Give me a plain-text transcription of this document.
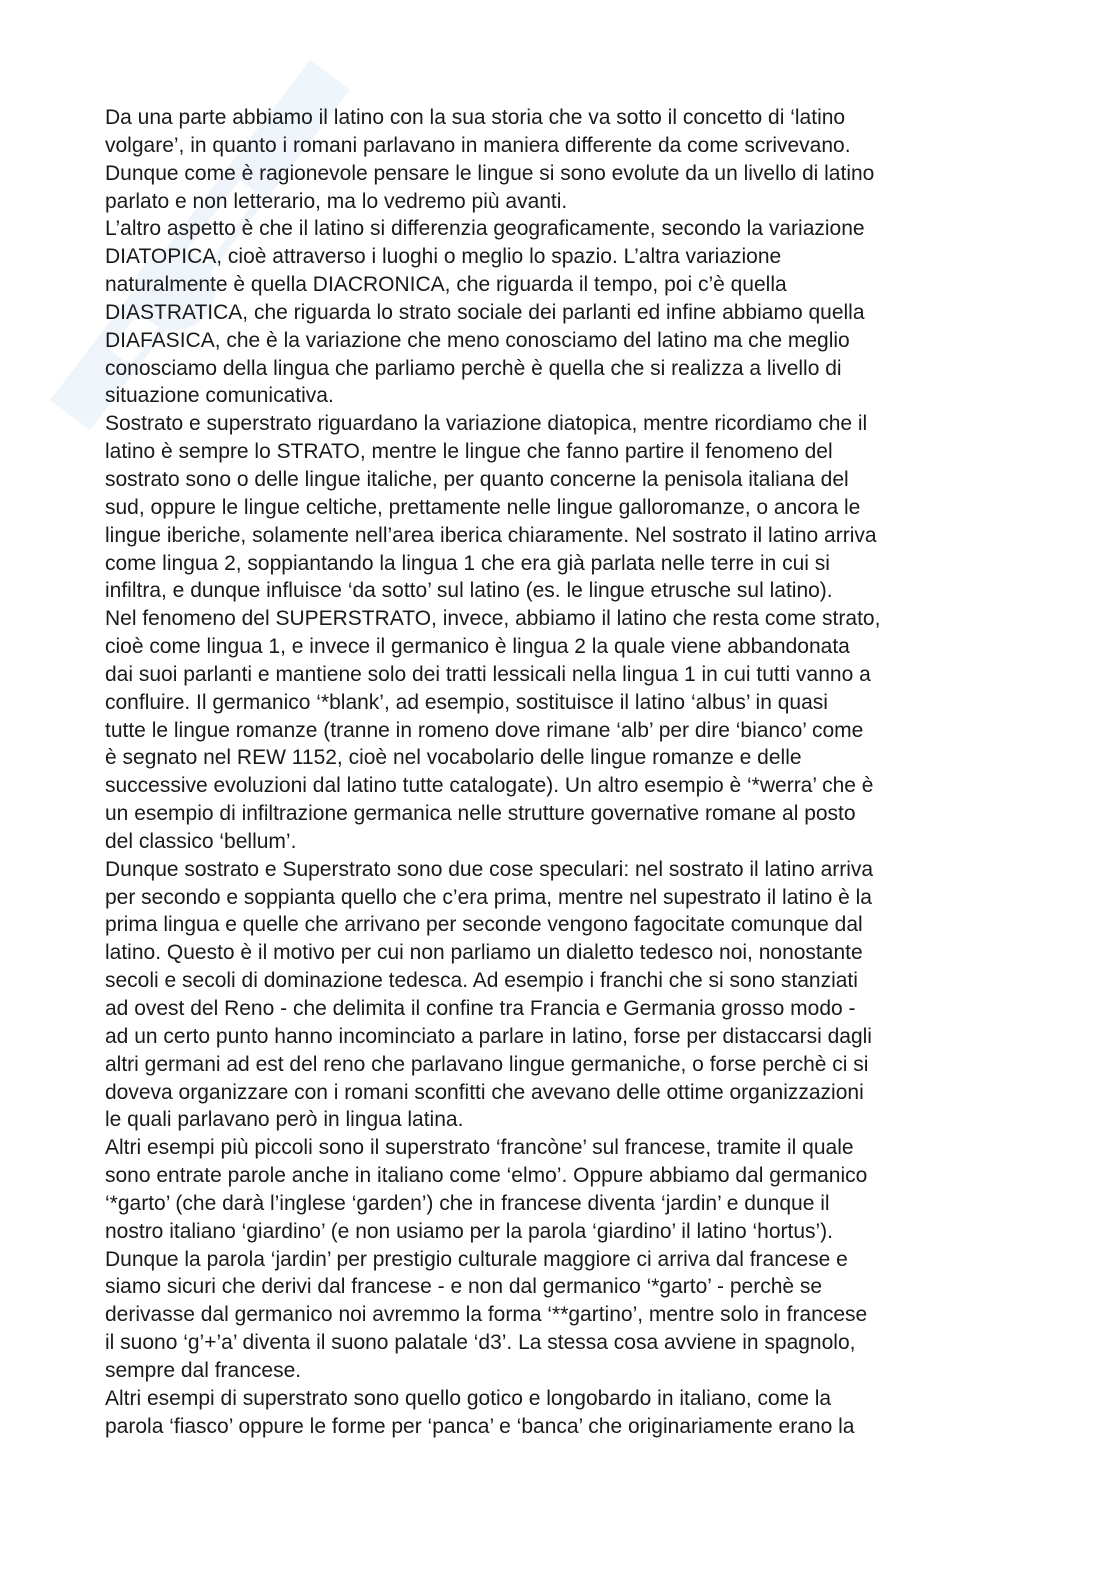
Da una parte abbiamo il latino con la sua storia che va sotto il concetto di ‘latino
volgare’, in quanto i romani parlavano in maniera differente da come scrivevano.
Dunque come è ragionevole pensare le lingue si sono evolute da un livello di latino
parlato e non letterario, ma lo vedremo più avanti.

L’altro aspetto è che il latino si differenzia geograficamente, secondo la variazione
DIATOPICA, cioè attraverso i luoghi o meglio lo spazio. L’altra variazione
naturalmente è quella DIACRONICA, che riguarda il tempo, poi c’è quella
DIASTRATICA, che riguarda lo strato sociale dei parlanti ed infine abbiamo quella
DIAFASICA, che è la variazione che meno conosciamo del latino ma che meglio
conosciamo della lingua che parliamo perchè è quella che si realizza a livello di
situazione comunicativa.

Sostrato e superstrato riguardano la variazione diatopica, mentre ricordiamo che il
latino è sempre lo STRATO, mentre le lingue che fanno partire il fenomeno del
sostrato sono o delle lingue italiche, per quanto concerne la penisola italiana del
sud, oppure le lingue celtiche, prettamente nelle lingue galloromanze, o ancora le
lingue iberiche, solamente nell’area iberica chiaramente. Nel sostrato il latino arriva
come lingua 2, soppiantando la lingua 1 che era già parlata nelle terre in cui si
infiltra, e dunque influisce ‘da sotto’ sul latino (es. le lingue etrusche sul latino).

Nel fenomeno del SUPERSTRATO, invece, abbiamo il latino che resta come strato,
cioè come lingua 1, e invece il germanico è lingua 2 la quale viene abbandonata
dai suoi parlanti e mantiene solo dei tratti lessicali nella lingua 1 in cui tutti vanno a
confluire. Il germanico ‘*blank’, ad esempio, sostituisce il latino ‘albus’ in quasi
tutte le lingue romanze (tranne in romeno dove rimane ‘alb’ per dire ‘bianco’ come
è segnato nel REW 1152, cioè nel vocabolario delle lingue romanze e delle
successive evoluzioni dal latino tutte catalogate). Un altro esempio è ‘*werra’ che è
un esempio di infiltrazione germanica nelle strutture governative romane al posto
del classico ‘bellum’.

Dunque sostrato e Superstrato sono due cose speculari: nel sostrato il latino arriva
per secondo e soppianta quello che c’era prima, mentre nel supestrato il latino è la
prima lingua e quelle che arrivano per seconde vengono fagocitate comunque dal
latino. Questo è il motivo per cui non parliamo un dialetto tedesco noi, nonostante
secoli e secoli di dominazione tedesca. Ad esempio i franchi che si sono stanziati
ad ovest del Reno - che delimita il confine tra Francia e Germania grosso modo -
ad un certo punto hanno incominciato a parlare in latino, forse per distaccarsi dagli
altri germani ad est del reno che parlavano lingue germaniche, o forse perchè ci si
doveva organizzare con i romani sconfitti che avevano delle ottime organizzazioni
le quali parlavano però in lingua latina.

Altri esempi più piccoli sono il superstrato ‘francòne’ sul francese, tramite il quale
sono entrate parole anche in italiano come ‘elmo’. Oppure abbiamo dal germanico
‘*garto’ (che darà l’inglese ‘garden’) che in francese diventa ‘jardin’ e dunque il
nostro italiano ‘giardino’ (e non usiamo per la parola ‘giardino’ il latino ‘hortus’).
Dunque la parola ‘jardin’ per prestigio culturale maggiore ci arriva dal francese e
siamo sicuri che derivi dal francese - e non dal germanico ‘*garto’ - perchè se
derivasse dal germanico noi avremmo la forma ‘**gartino’, mentre solo in francese
il suono ‘g’+’a’ diventa il suono palatale ‘d3’. La stessa cosa avviene in spagnolo,
sempre dal francese.

Altri esempi di superstrato sono quello gotico e longobardo in italiano, come la
parola ‘fiasco’ oppure le forme per ‘panca’ e ‘banca’ che originariamente erano la
